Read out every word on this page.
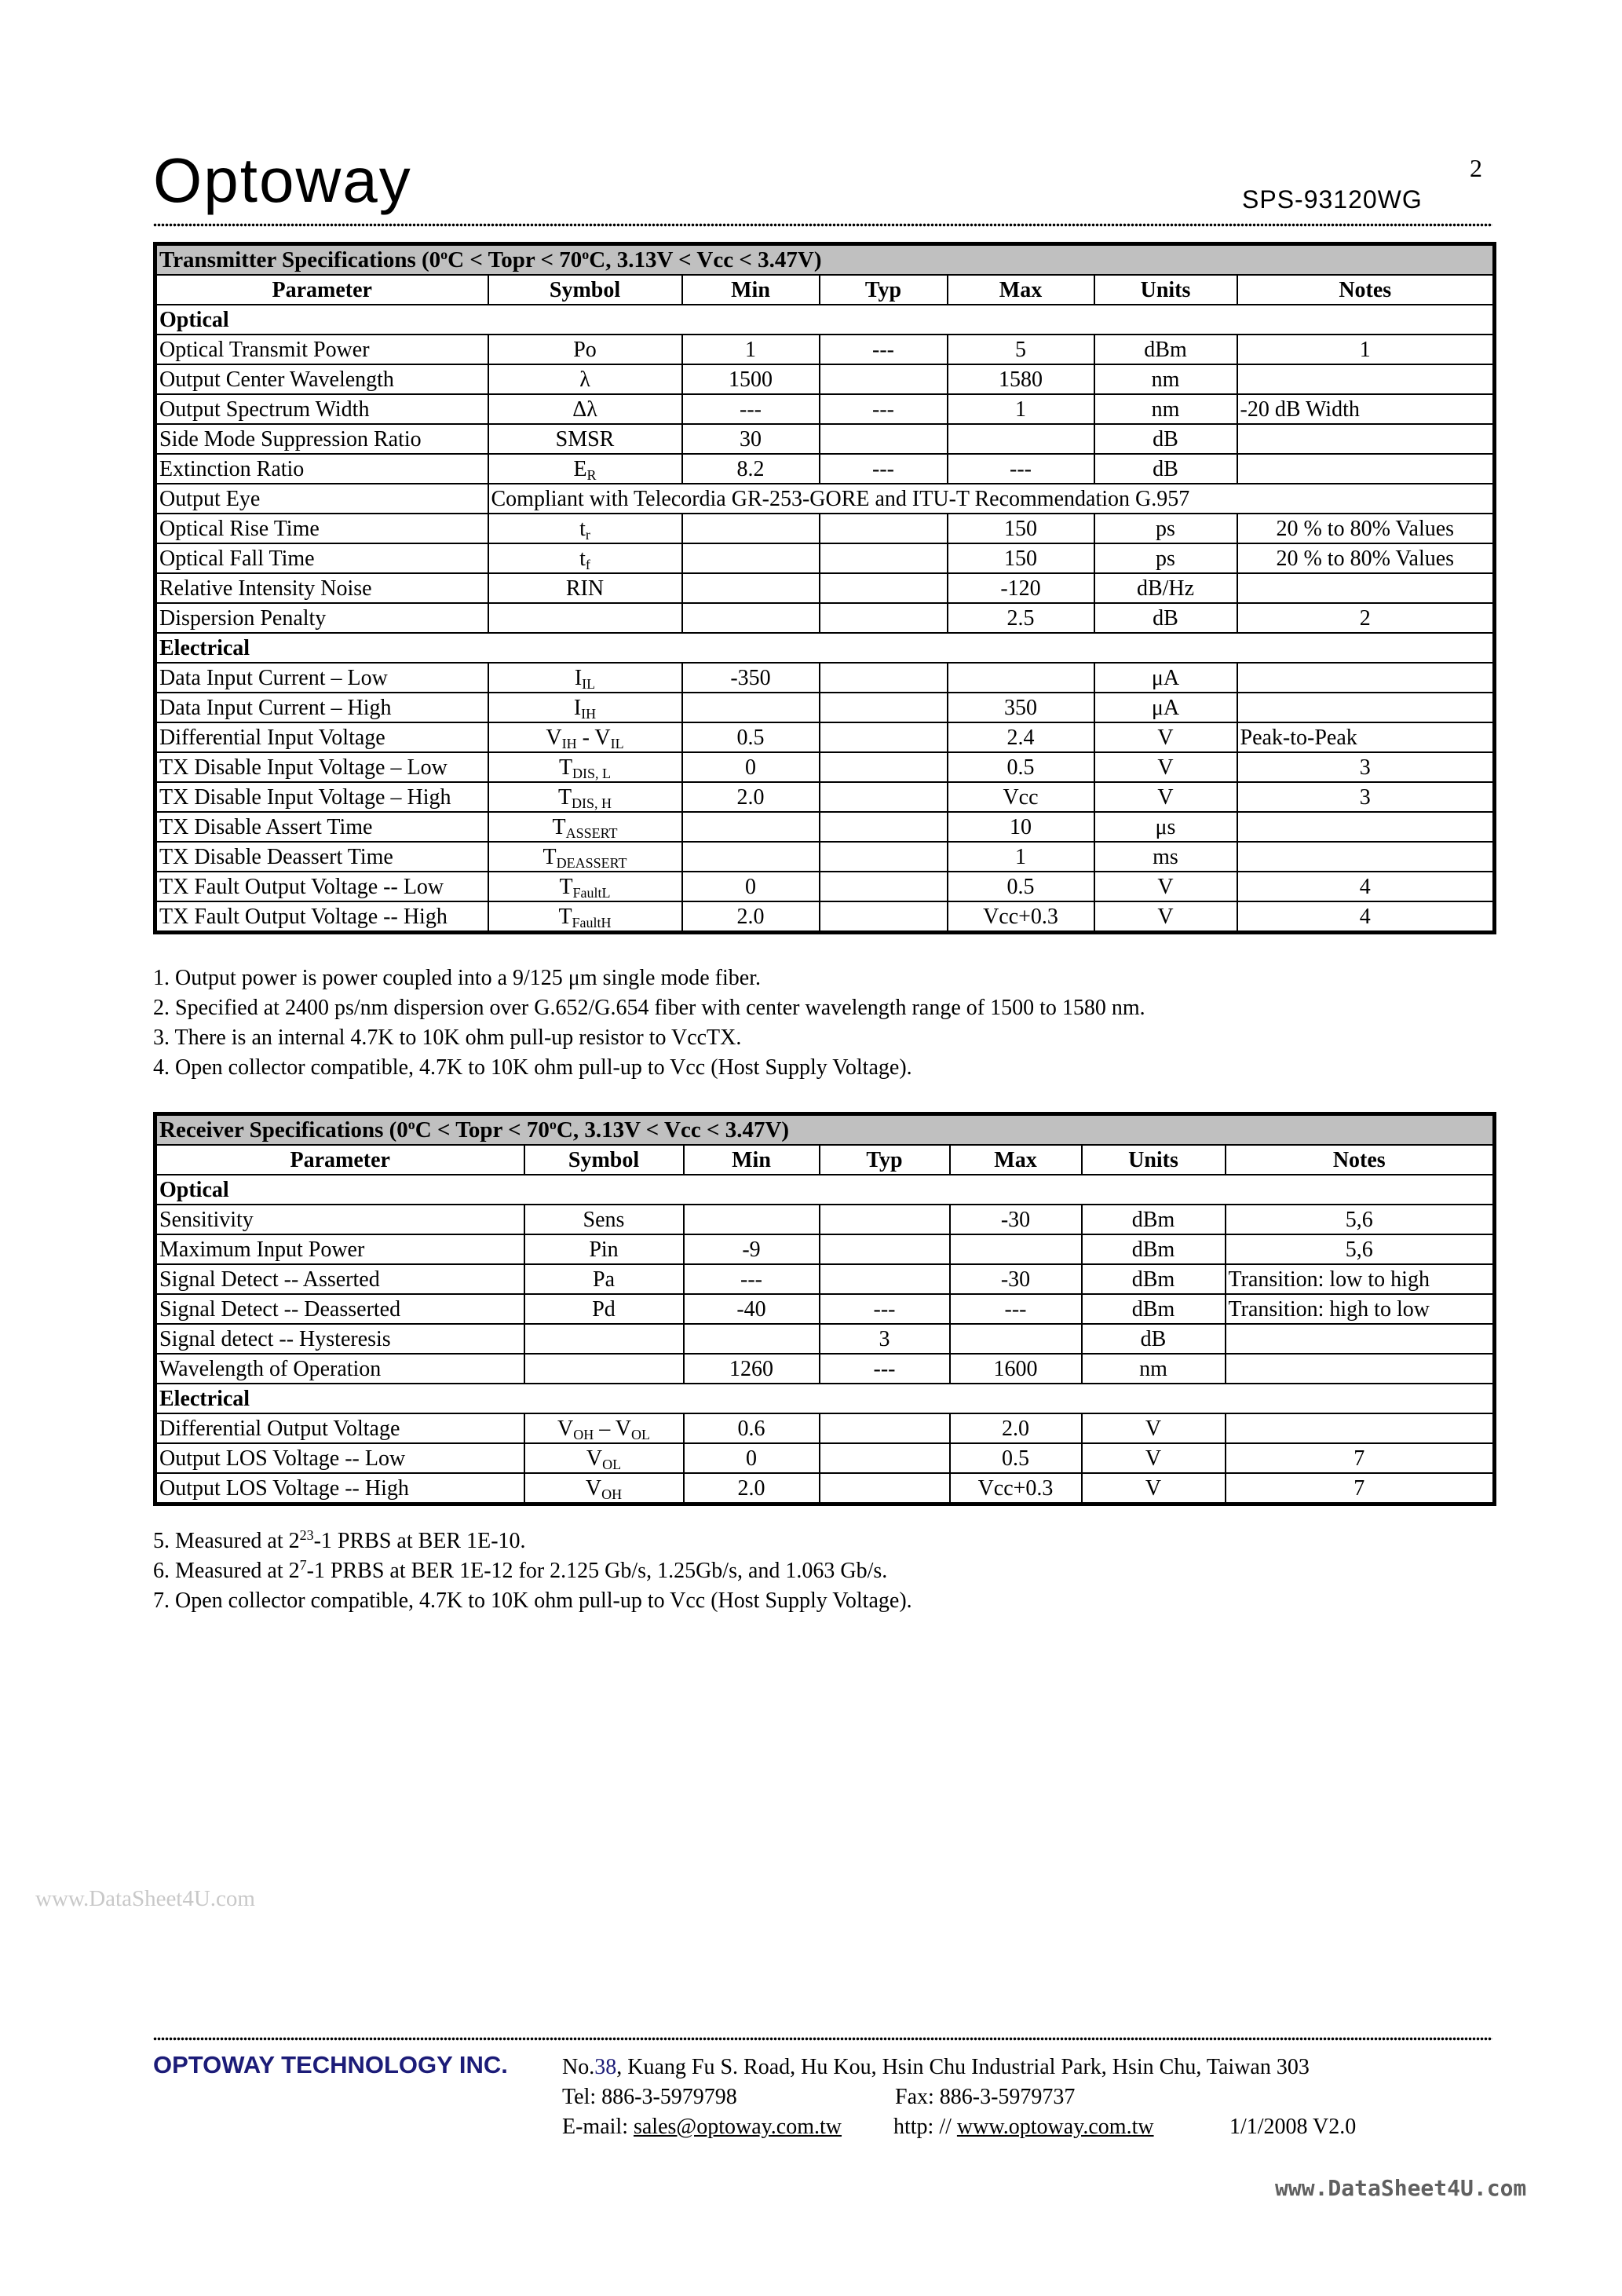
Optoway	2
SPS-93120WG
Transmitter Specifications ($0^oC$ < Topr < $70^oC$, 3.13V < Vcc < 3.47V)						
Parameter	Symbol	Min	Typ	Max	Units	Notes
Optical						
Optical Transmit Power	Po	1	---	5	dBm	1
Output Center Wavelength	λ	1500		1580	nm	
Output Spectrum Width	Δλ	---	---	1	nm	-20 dB Width
Side Mode Suppression Ratio	SMSR	30			dB	
Extinction Ratio	$E_R$	8.2	---	---	dB	
Output Eye	Compliant with Telecordia GR-253-GORE and ITU-T Recommendation G.957					
Optical Rise Time	$t_r$			150	ps	20 % to 80% Values
Optical Fall Time	$t_f$			150	ps	20 % to 80% Values
Relative Intensity Noise	RIN			-120	dB/Hz	
Dispersion Penalty				2.5	dB	2
Electrical						
Data Input Current – Low	$I_{IL}$	-350			μA	
Data Input Current – High	$I_{IH}$			350	μA	
Differential Input Voltage	$V_{IH} - V_{IL}$	0.5		2.4	V	Peak-to-Peak
TX Disable Input Voltage – Low	$T_{DIS, L}$	0		0.5	V	3
TX Disable Input Voltage – High	$T_{DIS, H}$	2.0		Vcc	V	3
TX Disable Assert Time	$T_{ASSERT}$			10	μs	
TX Disable Deassert Time	$T_{DEASSERT}$			1	ms	
TX Fault Output Voltage -- Low	$T_{FaultL}$	0		0.5	V	4
TX Fault Output Voltage -- High	$T_{FaultH}$	2.0		Vcc+0.3	V	4
1. Output power is power coupled into a 9/125 μm single mode fiber.
2. Specified at 2400 ps/nm dispersion over G.652/G.654 fiber with center wavelength range of 1500 to 1580 nm.
3. There is an internal 4.7K to 10K ohm pull-up resistor to VccTX.
4. Open collector compatible, 4.7K to 10K ohm pull-up to Vcc (Host Supply Voltage).
Receiver Specifications ($0^oC$ < Topr < $70^oC$, 3.13V < Vcc < 3.47V)						
Parameter	Symbol	Min	Typ	Max	Units	Notes
Optical						
Sensitivity	Sens			-30	dBm	5,6
Maximum Input Power	Pin	-9			dBm	5,6
Signal Detect -- Asserted	Pa	---		-30	dBm	Transition: low to high
Signal Detect -- Deasserted	Pd	-40	---	---	dBm	Transition: high to low
Signal detect -- Hysteresis			3		dB	
Wavelength of Operation		1260	---	1600	nm	
Electrical						
Differential Output Voltage	$V_{OH} - V_{OL}$	0.6		2.0	V	
Output LOS Voltage -- Low	$V_{OL}$	0		0.5	V	7
Output LOS Voltage -- High	$V_{OH}$	2.0		Vcc+0.3	V	7
5. Measured at $2^{23}-1$ PRBS at BER 1E-10.
6. Measured at $2^7-1$ PRBS at BER 1E-12 for 2.125 Gb/s, 1.25Gb/s, and 1.063 Gb/s.
7. Open collector compatible, 4.7K to 10K ohm pull-up to Vcc (Host Supply Voltage).
www.DataSheet4U.com
OPTOWAY TECHNOLOGY INC. No.38, Kuang Fu S. Road, Hu Kou, Hsin Chu Industrial Park, Hsin Chu, Taiwan 303
Tel: 886-3-5979798	Fax: 886-3-5979737
E-mail: sales@optoway.com.tw http: // www.optoway.com.tw	1/1/2008 V2.0
www.DataSheet4U.com
